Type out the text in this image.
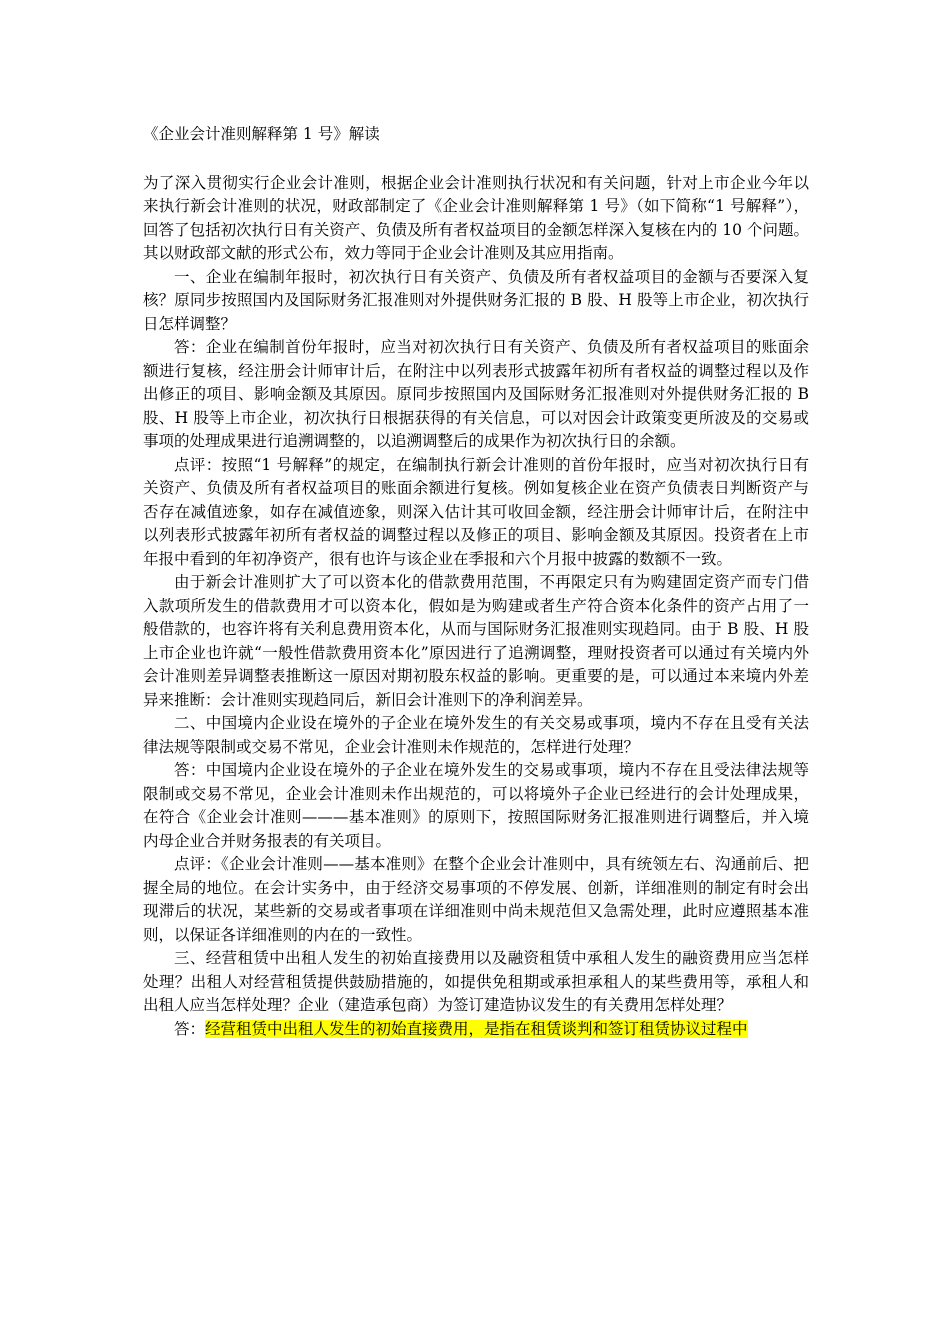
《企业会计准则解释第 1 号》解读

为了深入贯彻实行企业会计准则，根据企业会计准则执行状况和有关问题，针对上市企业今年以来执行新会计准则的状况，财政部制定了《企业会计准则解释第 1 号》（如下简称“1 号解释”），回答了包括初次执行日有关资产、负债及所有者权益项目的金额怎样深入复核在内的 10 个问题。其以财政部文献的形式公布，效力等同于企业会计准则及其应用指南。

一、企业在编制年报时，初次执行日有关资产、负债及所有者权益项目的金额与否要深入复核？原同步按照国内及国际财务汇报准则对外提供财务汇报的 B 股、H 股等上市企业，初次执行日怎样调整？

答：企业在编制首份年报时，应当对初次执行日有关资产、负债及所有者权益项目的账面余额进行复核，经注册会计师审计后，在附注中以列表形式披露年初所有者权益的调整过程以及作出修正的项目、影响金额及其原因。原同步按照国内及国际财务汇报准则对外提供财务汇报的 B 股、H 股等上市企业，初次执行日根据获得的有关信息，可以对因会计政策变更所波及的交易或事项的处理成果进行追溯调整的，以追溯调整后的成果作为初次执行日的余额。

点评：按照“1 号解释”的规定，在编制执行新会计准则的首份年报时，应当对初次执行日有关资产、负债及所有者权益项目的账面余额进行复核。例如复核企业在资产负债表日判断资产与否存在减值迹象，如存在减值迹象，则深入估计其可收回金额，经注册会计师审计后，在附注中以列表形式披露年初所有者权益的调整过程以及修正的项目、影响金额及其原因。投资者在上市年报中看到的年初净资产，很有也许与该企业在季报和六个月报中披露的数额不一致。

由于新会计准则扩大了可以资本化的借款费用范围，不再限定只有为购建固定资产而专门借入款项所发生的借款费用才可以资本化，假如是为购建或者生产符合资本化条件的资产占用了一般借款的，也容许将有关利息费用资本化，从而与国际财务汇报准则实现趋同。由于 B 股、H 股上市企业也许就“一般性借款费用资本化”原因进行了追溯调整，理财投资者可以通过有关境内外会计准则差异调整表推断这一原因对期初股东权益的影响。更重要的是，可以通过本来境内外差异来推断：会计准则实现趋同后，新旧会计准则下的净利润差异。

二、中国境内企业设在境外的子企业在境外发生的有关交易或事项，境内不存在且受有关法律法规等限制或交易不常见，企业会计准则未作规范的，怎样进行处理？

答：中国境内企业设在境外的子企业在境外发生的交易或事项，境内不存在且受法律法规等限制或交易不常见，企业会计准则未作出规范的，可以将境外子企业已经进行的会计处理成果，在符合《企业会计准则———基本准则》的原则下，按照国际财务汇报准则进行调整后，并入境内母企业合并财务报表的有关项目。

点评：《企业会计准则——基本准则》在整个企业会计准则中，具有统领左右、沟通前后、把握全局的地位。在会计实务中，由于经济交易事项的不停发展、创新，详细准则的制定有时会出现滞后的状况，某些新的交易或者事项在详细准则中尚未规范但又急需处理，此时应遵照基本准则，以保证各详细准则的内在的一致性。

三、经营租赁中出租人发生的初始直接费用以及融资租赁中承租人发生的融资费用应当怎样处理？出租人对经营租赁提供鼓励措施的，如提供免租期或承担承租人的某些费用等，承租人和出租人应当怎样处理？企业（建造承包商）为签订建造协议发生的有关费用怎样处理？

答：经营租赁中出租人发生的初始直接费用，是指在租赁谈判和签订租赁协议过程中
